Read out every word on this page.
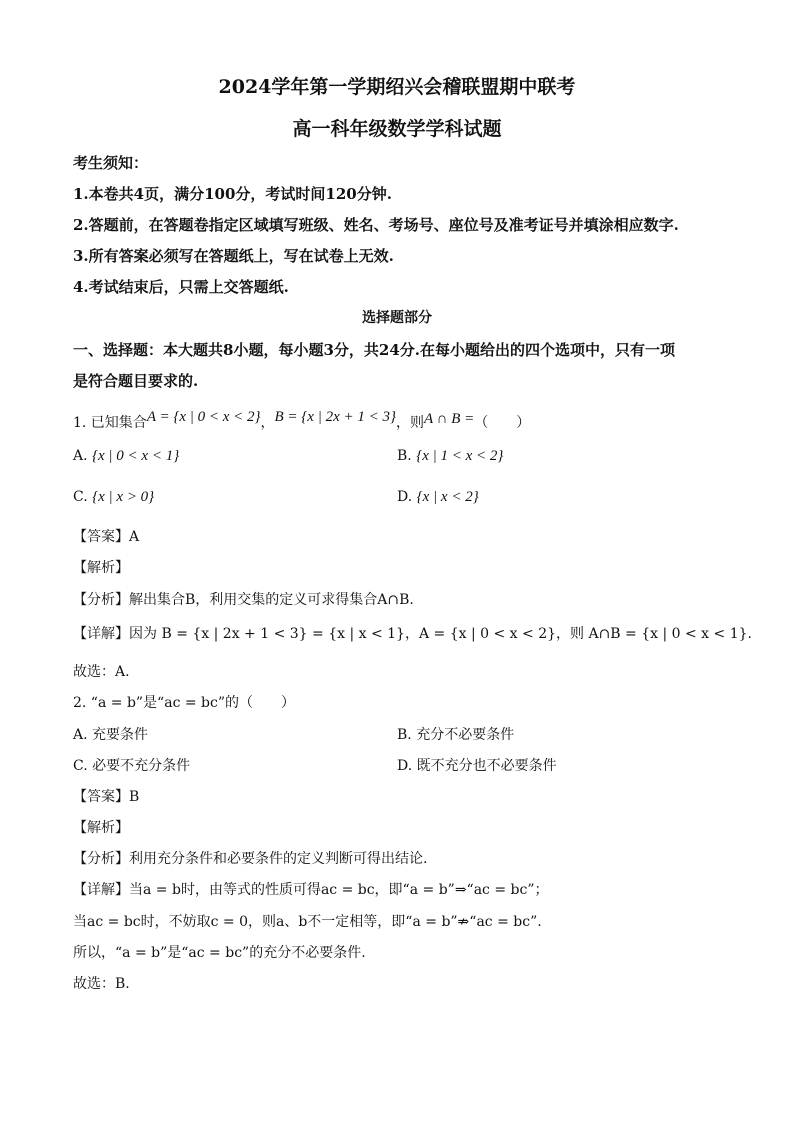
2024学年第一学期绍兴会稽联盟期中联考
高一科年级数学学科试题
考生须知：
1.本卷共4页，满分100分，考试时间120分钟.
2.答题前，在答题卷指定区域填写班级、姓名、考场号、座位号及准考证号并填涂相应数字.
3.所有答案必须写在答题纸上，写在试卷上无效.
4.考试结束后，只需上交答题纸.
选择题部分
一、选择题：本大题共8小题，每小题3分，共24分.在每小题给出的四个选项中，只有一项
是符合题目要求的.
1. 已知集合A = {x | 0 < x < 2}，B = {x | 2x + 1 < 3}，则A ∩ B =（　　）
A. {x | 0 < x < 1}	B. {x | 1 < x < 2}
C. {x | x > 0}	D. {x | x < 2}
【答案】A
【解析】
【分析】解出集合B，利用交集的定义可求得集合A∩B.
【详解】因为 B = {x | 2x + 1 < 3} = {x | x < 1}，A = {x | 0 < x < 2}，则 A∩B = {x | 0 < x < 1}.
故选：A.
2. “a = b”是“ac = bc”的（　　）
A. 充要条件	B. 充分不必要条件
C. 必要不充分条件	D. 既不充分也不必要条件
【答案】B
【解析】
【分析】利用充分条件和必要条件的定义判断可得出结论.
【详解】当a = b时，由等式的性质可得ac = bc，即“a = b”⇒“ac = bc”；
当ac = bc时，不妨取c = 0，则a、b不一定相等，即“a = b”⇏“ac = bc”.
所以，“a = b”是“ac = bc”的充分不必要条件.
故选：B.
